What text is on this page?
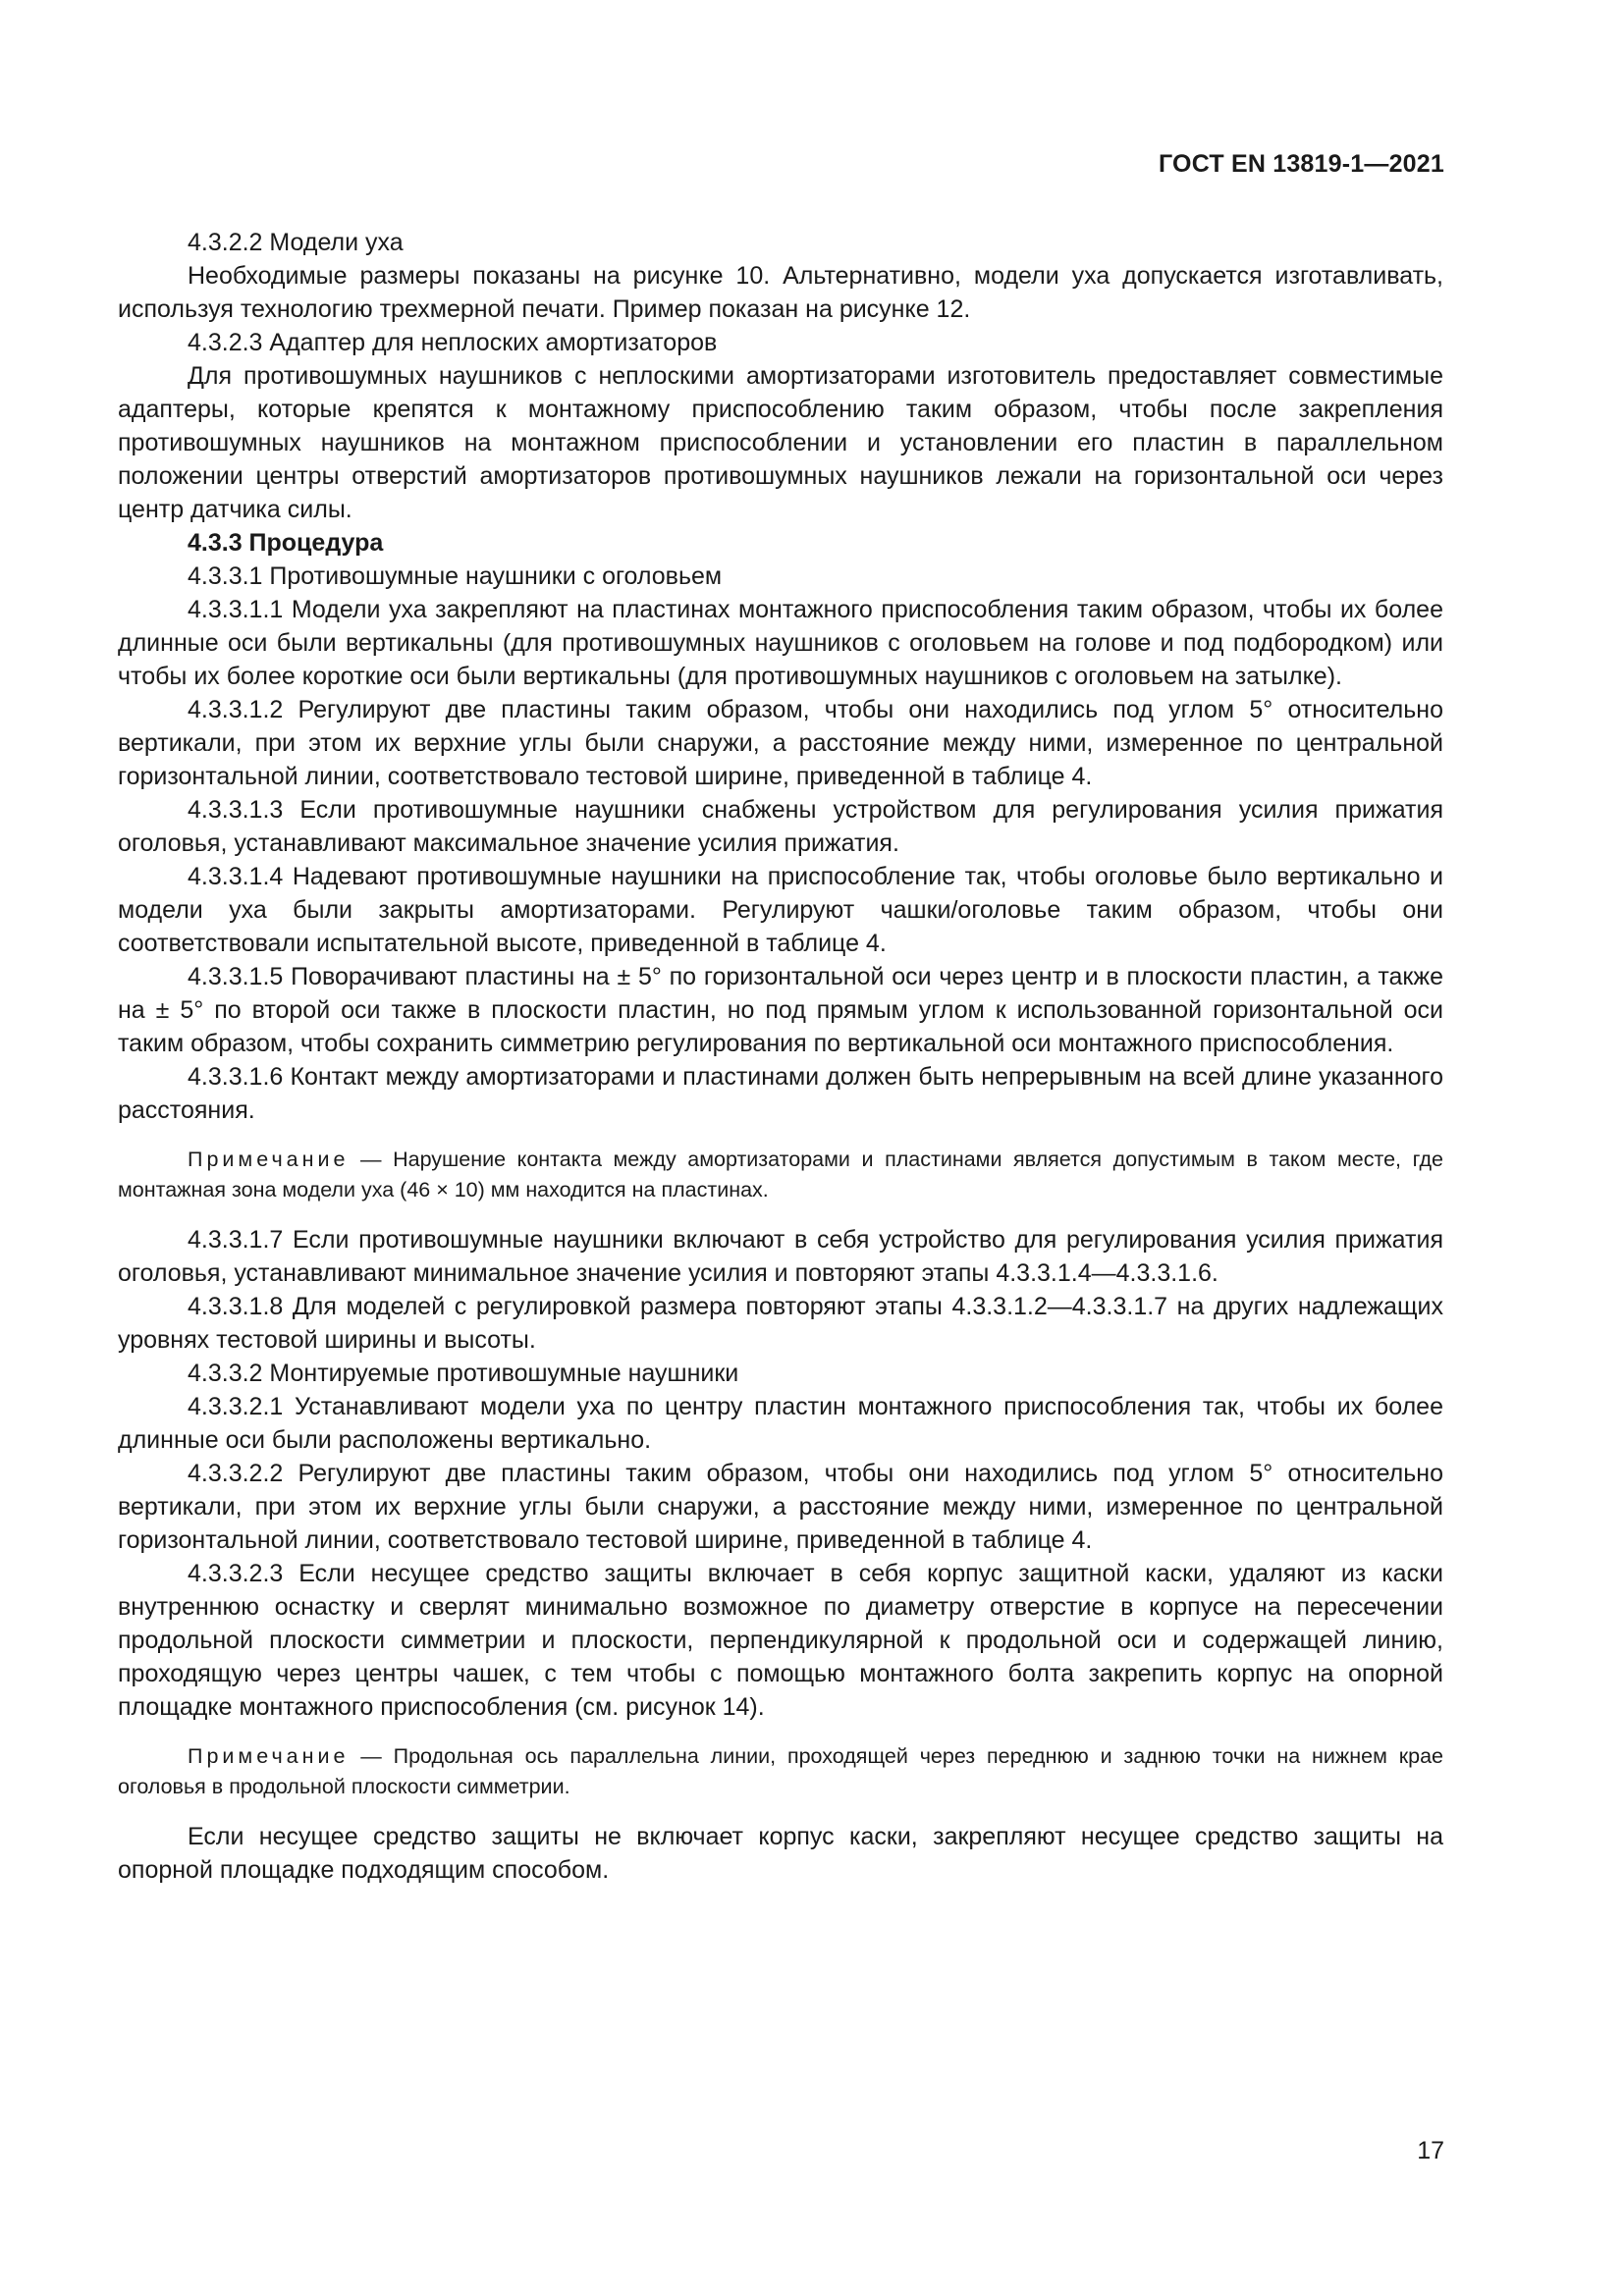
ГОСТ EN 13819-1—2021

4.3.2.2 Модели уха

Необходимые размеры показаны на рисунке 10. Альтернативно, модели уха допускается изготавливать, используя технологию трехмерной печати. Пример показан на рисунке 12.

4.3.2.3 Адаптер для неплоских амортизаторов

Для противошумных наушников с неплоскими амортизаторами изготовитель предоставляет совместимые адаптеры, которые крепятся к монтажному приспособлению таким образом, чтобы после закрепления противошумных наушников на монтажном приспособлении и установлении его пластин в параллельном положении центры отверстий амортизаторов противошумных наушников лежали на горизонтальной оси через центр датчика силы.

4.3.3 Процедура

4.3.3.1 Противошумные наушники с оголовьем

4.3.3.1.1 Модели уха закрепляют на пластинах монтажного приспособления таким образом, чтобы их более длинные оси были вертикальны (для противошумных наушников с оголовьем на голове и под подбородком) или чтобы их более короткие оси были вертикальны (для противошумных наушников с оголовьем на затылке).

4.3.3.1.2 Регулируют две пластины таким образом, чтобы они находились под углом 5° относительно вертикали, при этом их верхние углы были снаружи, а расстояние между ними, измеренное по центральной горизонтальной линии, соответствовало тестовой ширине, приведенной в таблице 4.

4.3.3.1.3 Если противошумные наушники снабжены устройством для регулирования усилия прижатия оголовья, устанавливают максимальное значение усилия прижатия.

4.3.3.1.4 Надевают противошумные наушники на приспособление так, чтобы оголовье было вертикально и модели уха были закрыты амортизаторами. Регулируют чашки/оголовье таким образом, чтобы они соответствовали испытательной высоте, приведенной в таблице 4.

4.3.3.1.5 Поворачивают пластины на ± 5° по горизонтальной оси через центр и в плоскости пластин, а также на ± 5° по второй оси также в плоскости пластин, но под прямым углом к использованной горизонтальной оси таким образом, чтобы сохранить симметрию регулирования по вертикальной оси монтажного приспособления.

4.3.3.1.6 Контакт между амортизаторами и пластинами должен быть непрерывным на всей длине указанного расстояния.

Примечание — Нарушение контакта между амортизаторами и пластинами является допустимым в таком месте, где монтажная зона модели уха (46 × 10) мм находится на пластинах.

4.3.3.1.7 Если противошумные наушники включают в себя устройство для регулирования усилия прижатия оголовья, устанавливают минимальное значение усилия и повторяют этапы 4.3.3.1.4—4.3.3.1.6.

4.3.3.1.8 Для моделей с регулировкой размера повторяют этапы 4.3.3.1.2—4.3.3.1.7 на других надлежащих уровнях тестовой ширины и высоты.

4.3.3.2 Монтируемые противошумные наушники

4.3.3.2.1 Устанавливают модели уха по центру пластин монтажного приспособления так, чтобы их более длинные оси были расположены вертикально.

4.3.3.2.2 Регулируют две пластины таким образом, чтобы они находились под углом 5° относительно вертикали, при этом их верхние углы были снаружи, а расстояние между ними, измеренное по центральной горизонтальной линии, соответствовало тестовой ширине, приведенной в таблице 4.

4.3.3.2.3 Если несущее средство защиты включает в себя корпус защитной каски, удаляют из каски внутреннюю оснастку и сверлят минимально возможное по диаметру отверстие в корпусе на пересечении продольной плоскости симметрии и плоскости, перпендикулярной к продольной оси и содержащей линию, проходящую через центры чашек, с тем чтобы с помощью монтажного болта закрепить корпус на опорной площадке монтажного приспособления (см. рисунок 14).

Примечание — Продольная ось параллельна линии, проходящей через переднюю и заднюю точки на нижнем крае оголовья в продольной плоскости симметрии.

Если несущее средство защиты не включает корпус каски, закрепляют несущее средство защиты на опорной площадке подходящим способом.

17
